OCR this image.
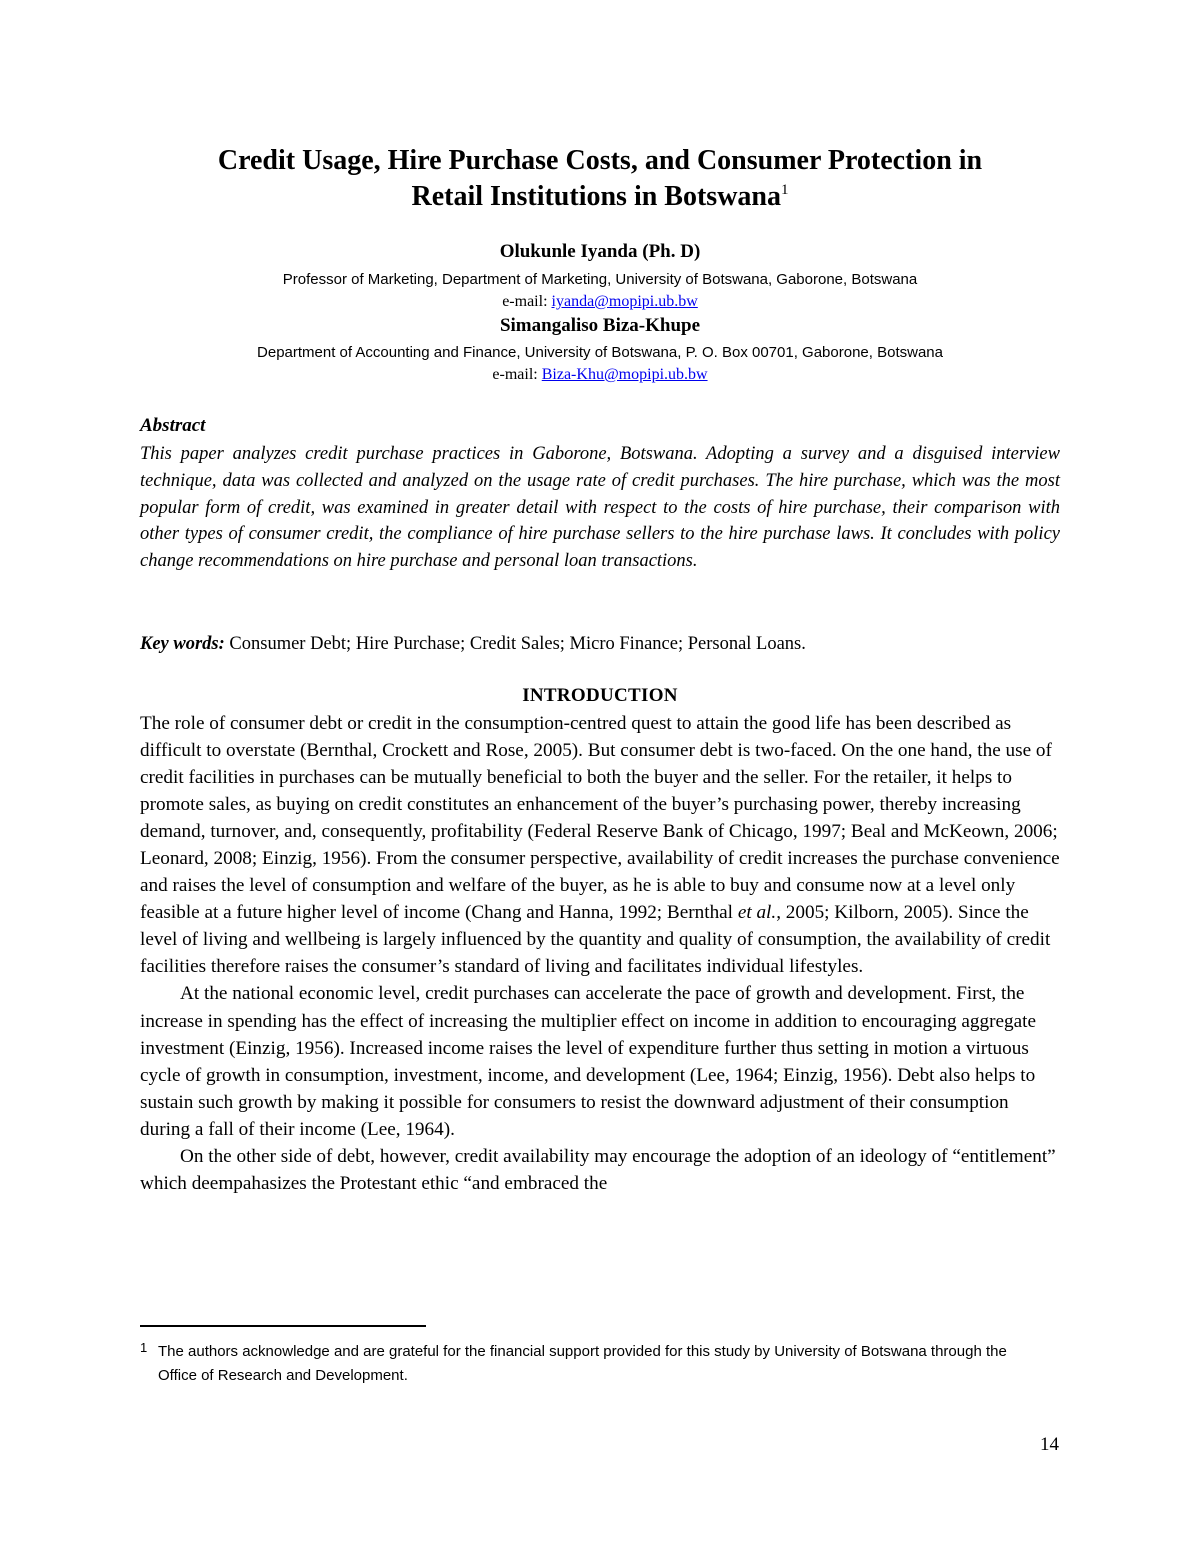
Credit Usage, Hire Purchase Costs, and Consumer Protection in
Retail Institutions in Botswana$^1$
Olukunle Iyanda (Ph. D)
Professor of Marketing, Department of Marketing, University of Botswana, Gaborone, Botswana
e-mail: iyanda@mopipi.ub.bw
Simangaliso Biza-Khupe
Department of Accounting and Finance, University of Botswana, P. O. Box 00701, Gaborone, Botswana
e-mail: Biza-Khu@mopipi.ub.bw
Abstract
This paper analyzes credit purchase practices in Gaborone, Botswana. Adopting a survey and a disguised interview technique, data was collected and analyzed on the usage rate of credit purchases. The hire purchase, which was the most popular form of credit, was examined in greater detail with respect to the costs of hire purchase, their comparison with other types of consumer credit, the compliance of hire purchase sellers to the hire purchase laws. It concludes with policy change recommendations on hire purchase and personal loan transactions.
Key words: Consumer Debt; Hire Purchase; Credit Sales; Micro Finance; Personal Loans.
INTRODUCTION

The role of consumer debt or credit in the consumption-centred quest to attain the good life has been described as difficult to overstate (Bernthal, Crockett and Rose, 2005). But consumer debt is two-faced. On the one hand, the use of credit facilities in purchases can be mutually beneficial to both the buyer and the seller. For the retailer, it helps to promote sales, as buying on credit constitutes an enhancement of the buyer’s purchasing power, thereby increasing demand, turnover, and, consequently, profitability (Federal Reserve Bank of Chicago, 1997; Beal and McKeown, 2006; Leonard, 2008; Einzig, 1956). From the consumer perspective, availability of credit increases the purchase convenience and raises the level of consumption and welfare of the buyer, as he is able to buy and consume now at a level only feasible at a future higher level of income (Chang and Hanna, 1992; Bernthal et al., 2005; Kilborn, 2005). Since the level of living and wellbeing is largely influenced by the quantity and quality of consumption, the availability of credit facilities therefore raises the consumer’s standard of living and facilitates individual lifestyles.

At the national economic level, credit purchases can accelerate the pace of growth and development. First, the increase in spending has the effect of increasing the multiplier effect on income in addition to encouraging aggregate investment (Einzig, 1956). Increased income raises the level of expenditure further thus setting in motion a virtuous cycle of growth in consumption, investment, income, and development (Lee, 1964; Einzig, 1956). Debt also helps to sustain such growth by making it possible for consumers to resist the downward adjustment of their consumption during a fall of their income (Lee, 1964).

On the other side of debt, however, credit availability may encourage the adoption of an ideology of “entitlement” which deempahasizes the Protestant ethic “and embraced the

1 The authors acknowledge and are grateful for the financial support provided for this study by University of Botswana through the Office of Research and Development.
14
